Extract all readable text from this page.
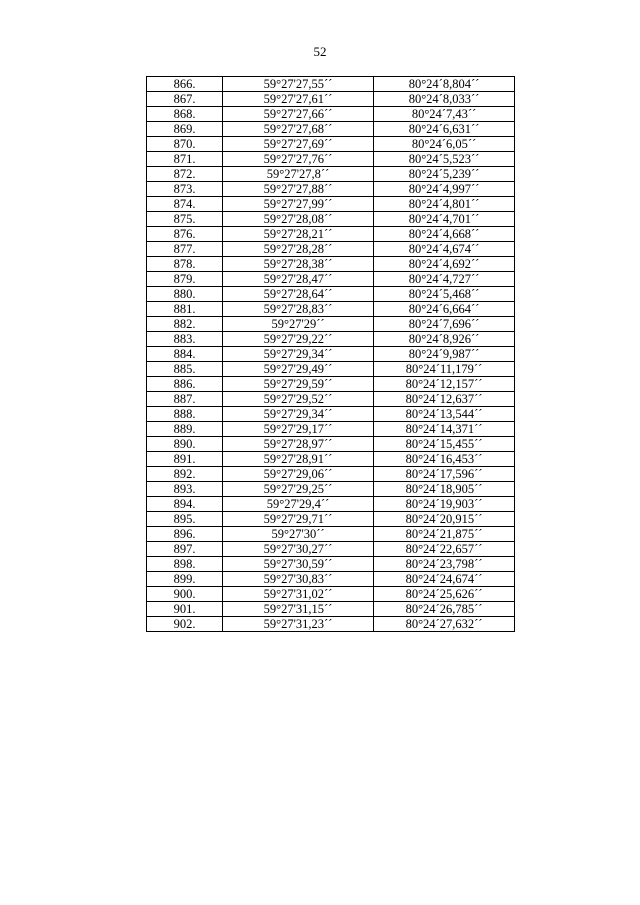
52
866.	59°27'27,55´´	80°24´8,804´´
867.	59°27'27,61´´	80°24´8,033´´
868.	59°27'27,66´´	80°24´7,43´´
869.	59°27'27,68´´	80°24´6,631´´
870.	59°27'27,69´´	80°24´6,05´´
871.	59°27'27,76´´	80°24´5,523´´
872.	59°27'27,8´´	80°24´5,239´´
873.	59°27'27,88´´	80°24´4,997´´
874.	59°27'27,99´´	80°24´4,801´´
875.	59°27'28,08´´	80°24´4,701´´
876.	59°27'28,21´´	80°24´4,668´´
877.	59°27'28,28´´	80°24´4,674´´
878.	59°27'28,38´´	80°24´4,692´´
879.	59°27'28,47´´	80°24´4,727´´
880.	59°27'28,64´´	80°24´5,468´´
881.	59°27'28,83´´	80°24´6,664´´
882.	59°27'29´´	80°24´7,696´´
883.	59°27'29,22´´	80°24´8,926´´
884.	59°27'29,34´´	80°24´9,987´´
885.	59°27'29,49´´	80°24´11,179´´
886.	59°27'29,59´´	80°24´12,157´´
887.	59°27'29,52´´	80°24´12,637´´
888.	59°27'29,34´´	80°24´13,544´´
889.	59°27'29,17´´	80°24´14,371´´
890.	59°27'28,97´´	80°24´15,455´´
891.	59°27'28,91´´	80°24´16,453´´
892.	59°27'29,06´´	80°24´17,596´´
893.	59°27'29,25´´	80°24´18,905´´
894.	59°27'29,4´´	80°24´19,903´´
895.	59°27'29,71´´	80°24´20,915´´
896.	59°27'30´´	80°24´21,875´´
897.	59°27'30,27´´	80°24´22,657´´
898.	59°27'30,59´´	80°24´23,798´´
899.	59°27'30,83´´	80°24´24,674´´
900.	59°27'31,02´´	80°24´25,626´´
901.	59°27'31,15´´	80°24´26,785´´
902.	59°27'31,23´´	80°24´27,632´´
